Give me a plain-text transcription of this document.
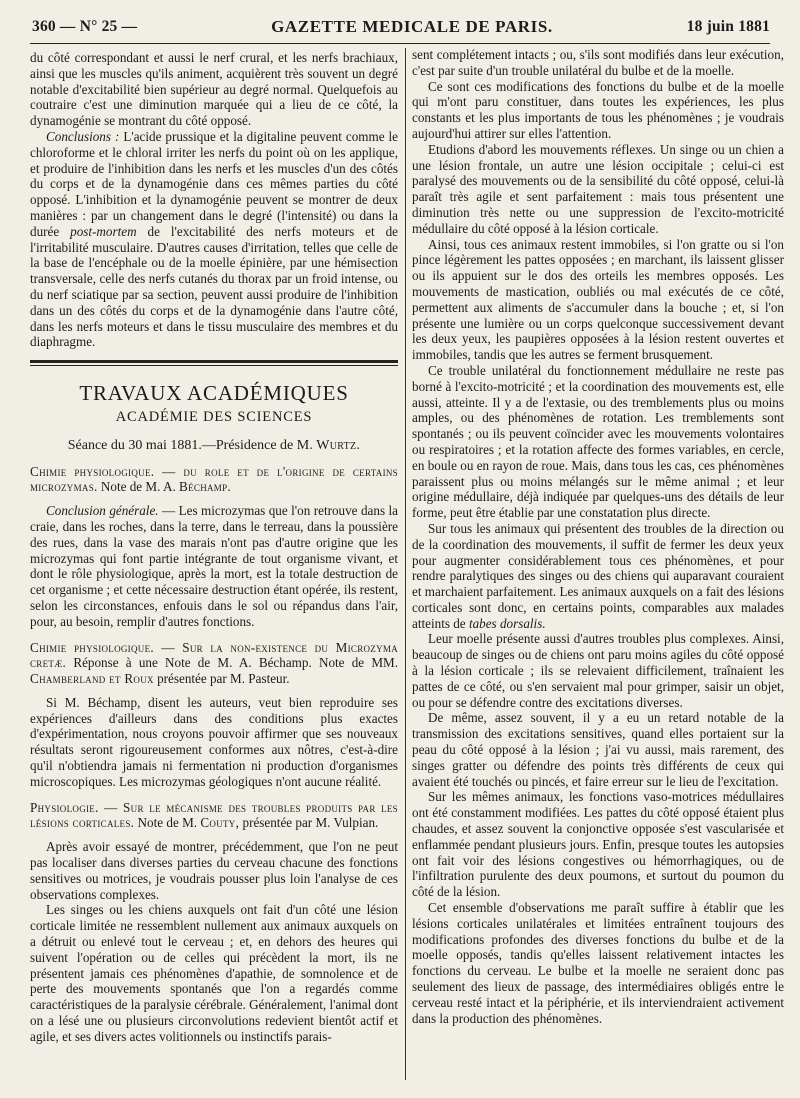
360 — N° 25 —	GAZETTE MEDICALE DE PARIS.	18 juin 1881

du côté correspondant et aussi le nerf crural, et les nerfs brachiaux, ainsi que les muscles qu'ils animent, acquièrent très souvent un degré notable d'excitabilité bien supérieur au degré normal. Quelquefois au coutraire c'est une diminution marquée qui a lieu de ce côté, la dynamogénie se montrant du côté opposé.

Conclusions : L'acide prussique et la digitaline peuvent comme le chloroforme et le chloral irriter les nerfs du point où on les applique, et produire de l'inhibition dans les nerfs et les muscles d'un des côtés du corps et de la dynamogénie dans ces mêmes parties du côté opposé. L'inhibition et la dynamogénie peuvent se montrer de deux manières : par un changement dans le degré (l'intensité) ou dans la durée post-mortem de l'excitabilité des nerfs moteurs et de l'irritabilité musculaire. D'autres causes d'irritation, telles que celle de la base de l'encéphale ou de la moelle épinière, par une hémisection transversale, celle des nerfs cutanés du thorax par un froid intense, ou du nerf sciatique par sa section, peuvent aussi produire de l'inhibition dans un des côtés du corps et de la dynamogénie dans l'autre côté, dans les nerfs moteurs et dans le tissu musculaire des membres et du diaphragme.

TRAVAUX ACADÉMIQUES
ACADÉMIE DES SCIENCES
Séance du 30 mai 1881.—Présidence de M. Wurtz.

Chimie physiologique. — du role et de l'origine de certains microzymas. Note de M. A. Béchamp.

Conclusion générale. — Les microzymas que l'on retrouve dans la craie, dans les roches, dans la terre, dans le terreau, dans la poussière des rues, dans la vase des marais n'ont pas d'autre origine que les microzymas qui font partie intégrante de tout organisme vivant, et dont le rôle physiologique, après la mort, est la totale destruction de cet organisme ; et cette nécessaire destruction étant opérée, ils restent, selon les circonstances, enfouis dans le sol ou répandus dans l'air, pour, au besoin, remplir d'autres fonctions.

Chimie physiologique. — Sur la non-existence du Microzyma cretæ. Réponse à une Note de M. A. Béchamp. Note de MM. Chamberland et Roux présentée par M. Pasteur.

Si M. Béchamp, disent les auteurs, veut bien reproduire ses expériences d'ailleurs dans des conditions plus exactes d'expérimentation, nous croyons pouvoir affirmer que ses nouveaux résultats seront rigoureusement conformes aux nôtres, c'est-à-dire qu'il n'obtiendra jamais ni fermentation ni production d'organismes microscopiques. Les microzymas géologiques n'ont aucune réalité.

Physiologie. — Sur le mécanisme des troubles produits par les lésions corticales. Note de M. Couty, présentée par M. Vulpian.

Après avoir essayé de montrer, précédemment, que l'on ne peut pas localiser dans diverses parties du cerveau chacune des fonctions sensitives ou motrices, je voudrais pousser plus loin l'analyse de ces observations complexes.

Les singes ou les chiens auxquels ont fait d'un côté une lésion corticale limitée ne ressemblent nullement aux animaux auxquels on a détruit ou enlevé tout le cerveau ; et, en dehors des heures qui suivent l'opération ou de celles qui précèdent la mort, ils ne présentent jamais ces phénomènes d'apathie, de somnolence et de perte des mouvements spontanés que l'on a regardés comme caractéristiques de la paralysie cérébrale. Généralement, l'animal dont on a lésé une ou plusieurs circonvolutions redevient bientôt actif et agile, et ses divers actes volitionnels ou instinctifs parais-

sent complétement intacts ; ou, s'ils sont modifiés dans leur exécution, c'est par suite d'un trouble unilatéral du bulbe et de la moelle.

Ce sont ces modifications des fonctions du bulbe et de la moelle qui m'ont paru constituer, dans toutes les expériences, les plus constants et les plus importants de tous les phénomènes ; je voudrais aujourd'hui attirer sur elles l'attention.

Etudions d'abord les mouvements réflexes. Un singe ou un chien a une lésion frontale, un autre une lésion occipitale ; celui-ci est paralysé des mouvements ou de la sensibilité du côté opposé, celui-là paraît très agile et sent parfaitement : mais tous présentent une diminution très nette ou une suppression de l'excito-motricité médullaire du côté opposé à la lésion corticale.

Ainsi, tous ces animaux restent immobiles, si l'on gratte ou si l'on pince légèrement les pattes opposées ; en marchant, ils laissent glisser ou ils appuient sur le dos des orteils les membres opposés. Les mouvements de mastication, oubliés ou mal exécutés de ce côté, permettent aux aliments de s'accumuler dans la bouche ; et, si l'on présente une lumière ou un corps quelconque successivement devant les deux yeux, les paupières opposées à la lésion restent ouvertes et immobiles, tandis que les autres se ferment brusquement.

Ce trouble unilatéral du fonctionnement médullaire ne reste pas borné à l'excito-motricité ; et la coordination des mouvements est, elle aussi, atteinte. Il y a de l'extasie, ou des tremblements plus ou moins amples, ou des phénomènes de rotation. Les tremblements sont spontanés ; ou ils peuvent coïncider avec les mouvements volontaires ou respiratoires ; et la rotation affecte des formes variables, en cercle, en boule ou en rayon de roue. Mais, dans tous les cas, ces phénomènes paraissent plus ou moins mélangés sur le même animal ; et leur origine médullaire, déjà indiquée par quelques-uns des détails de leur forme, peut être établie par une constatation plus directe.

Sur tous les animaux qui présentent des troubles de la direction ou de la coordination des mouvements, il suffit de fermer les deux yeux pour augmenter considérablement tous ces phénomènes, et pour rendre paralytiques des singes ou des chiens qui auparavant couraient et marchaient parfaitement. Les animaux auxquels on a fait des lésions corticales sont donc, en certains points, comparables aux malades atteints de tabes dorsalis.

Leur moelle présente aussi d'autres troubles plus complexes. Ainsi, beaucoup de singes ou de chiens ont paru moins agiles du côté opposé à la lésion corticale ; ils se relevaient difficilement, traînaient les pattes de ce côté, ou s'en servaient mal pour grimper, saisir un objet, ou pour se défendre contre des excitations diverses.

De même, assez souvent, il y a eu un retard notable de la transmission des excitations sensitives, quand elles portaient sur la peau du côté opposé à la lésion ; j'ai vu aussi, mais rarement, des singes gratter ou défendre des points très différents de ceux qui avaient été touchés ou pincés, et faire erreur sur le lieu de l'excitation.

Sur les mêmes animaux, les fonctions vaso-motrices médullaires ont été constamment modifiées. Les pattes du côté opposé étaient plus chaudes, et assez souvent la conjonctive opposée s'est vascularisée et enflammée pendant plusieurs jours. Enfin, presque toutes les autopsies ont fait voir des lésions congestives ou hémorrhagiques, ou de l'infiltration purulente des deux poumons, et surtout du poumon du côté de la lésion.

Cet ensemble d'observations me paraît suffire à établir que les lésions corticales unilatérales et limitées entraînent toujours des modifications profondes des diverses fonctions du bulbe et de la moelle opposés, tandis qu'elles laissent relativement intactes les fonctions du cerveau. Le bulbe et la moelle ne seraient donc pas seulement des lieux de passage, des intermédiaires obligés entre le cerveau resté intact et la périphérie, et ils interviendraient activement dans la production des phénomènes.
